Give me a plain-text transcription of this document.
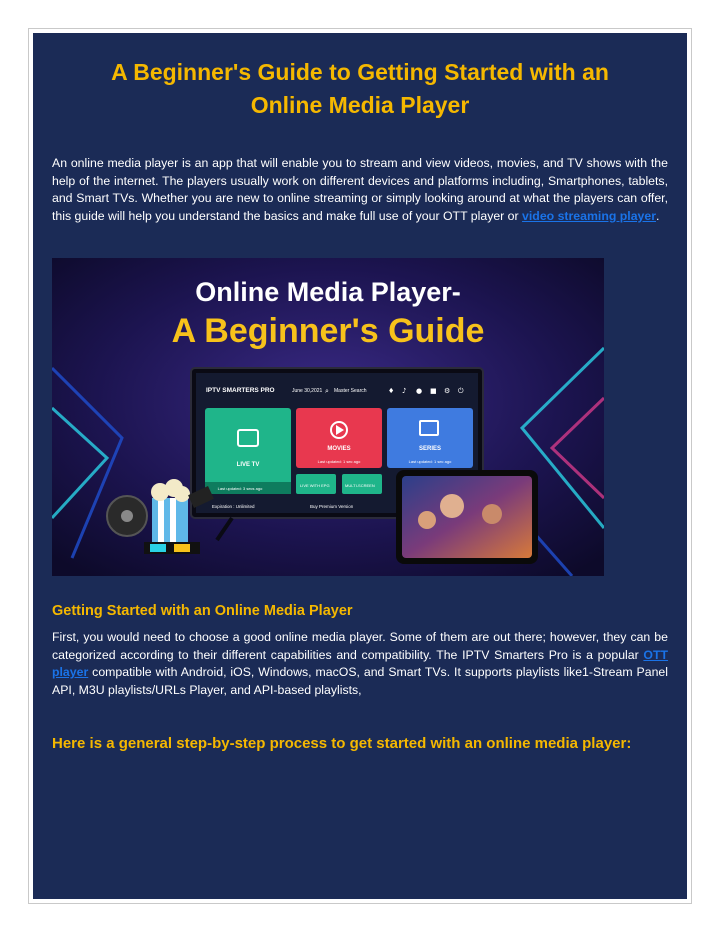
A Beginner's Guide to Getting Started with an
Online Media Player
An online media player is an app that will enable you to stream and view videos, movies, and TV shows with the help of the internet. The players usually work on different devices and platforms including, Smartphones, tablets, and Smart TVs. Whether you are new to online streaming or simply looking around at what the players can offer, this guide will help you understand the basics and make full use of your OTT player or video streaming player.
Online Media Player-
A Beginner's Guide
IPTV SMARTERS PRO	June 30,2021 ⌕ Master Search	♦ ♪ ● ■ ⚙ ⏻
LIVE TV
Last updated: 3 secs ago
MOVIES
Last updated: 1 sec ago
SERIES
Last updated: 1 sec ago
LIVE WITH EPG	MULTI-SCREEN
Expiration : Unlimited	Buy Premium Version
Getting Started with an Online Media Player
First, you would need to choose a good online media player. Some of them are out there; however, they can be categorized according to their different capabilities and compatibility. The IPTV Smarters Pro is a popular OTT player compatible with Android, iOS, Windows, macOS, and Smart TVs. It supports playlists like1-Stream Panel API, M3U playlists/URLs Player, and API-based playlists,
Here is a general step-by-step process to get started with an online media player:
